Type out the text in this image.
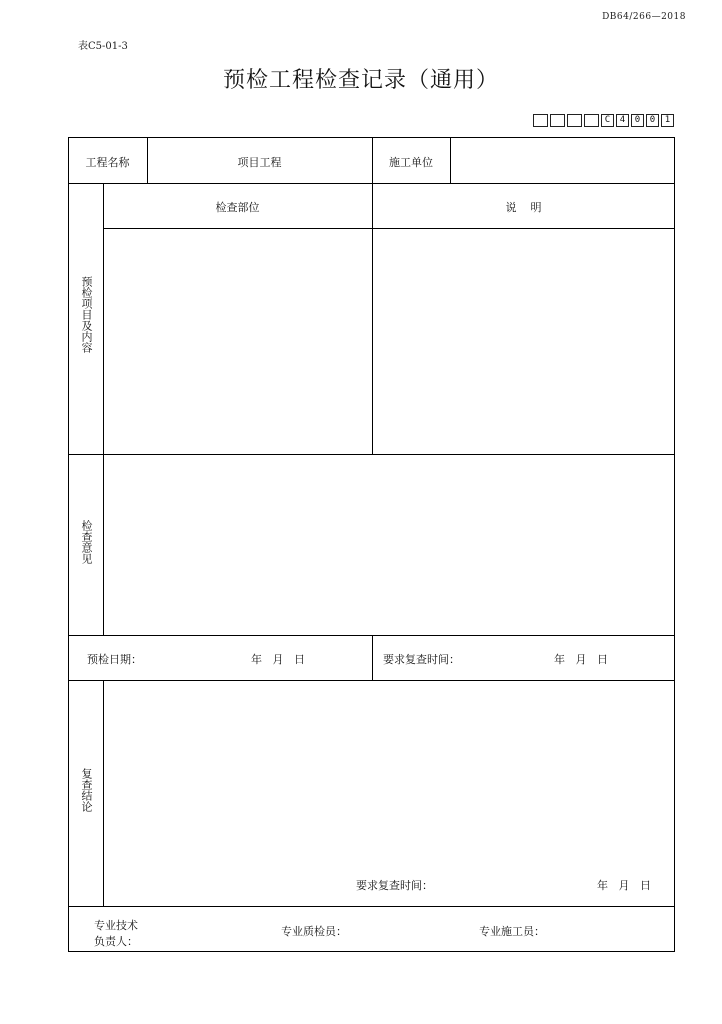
DB64/266—2018
表C5-01-3
预检工程检查记录（通用）
C	4	0	0	1
工程名称	项目工程	施工单位
预检项目及内容
检查部位	说    明
检查意见
预检日期：	年   月   日	要求复查时间：	年   月   日
复查结论
要求复查时间：	年   月   日
专业技术
负责人：
专业质检员：	专业施工员：
